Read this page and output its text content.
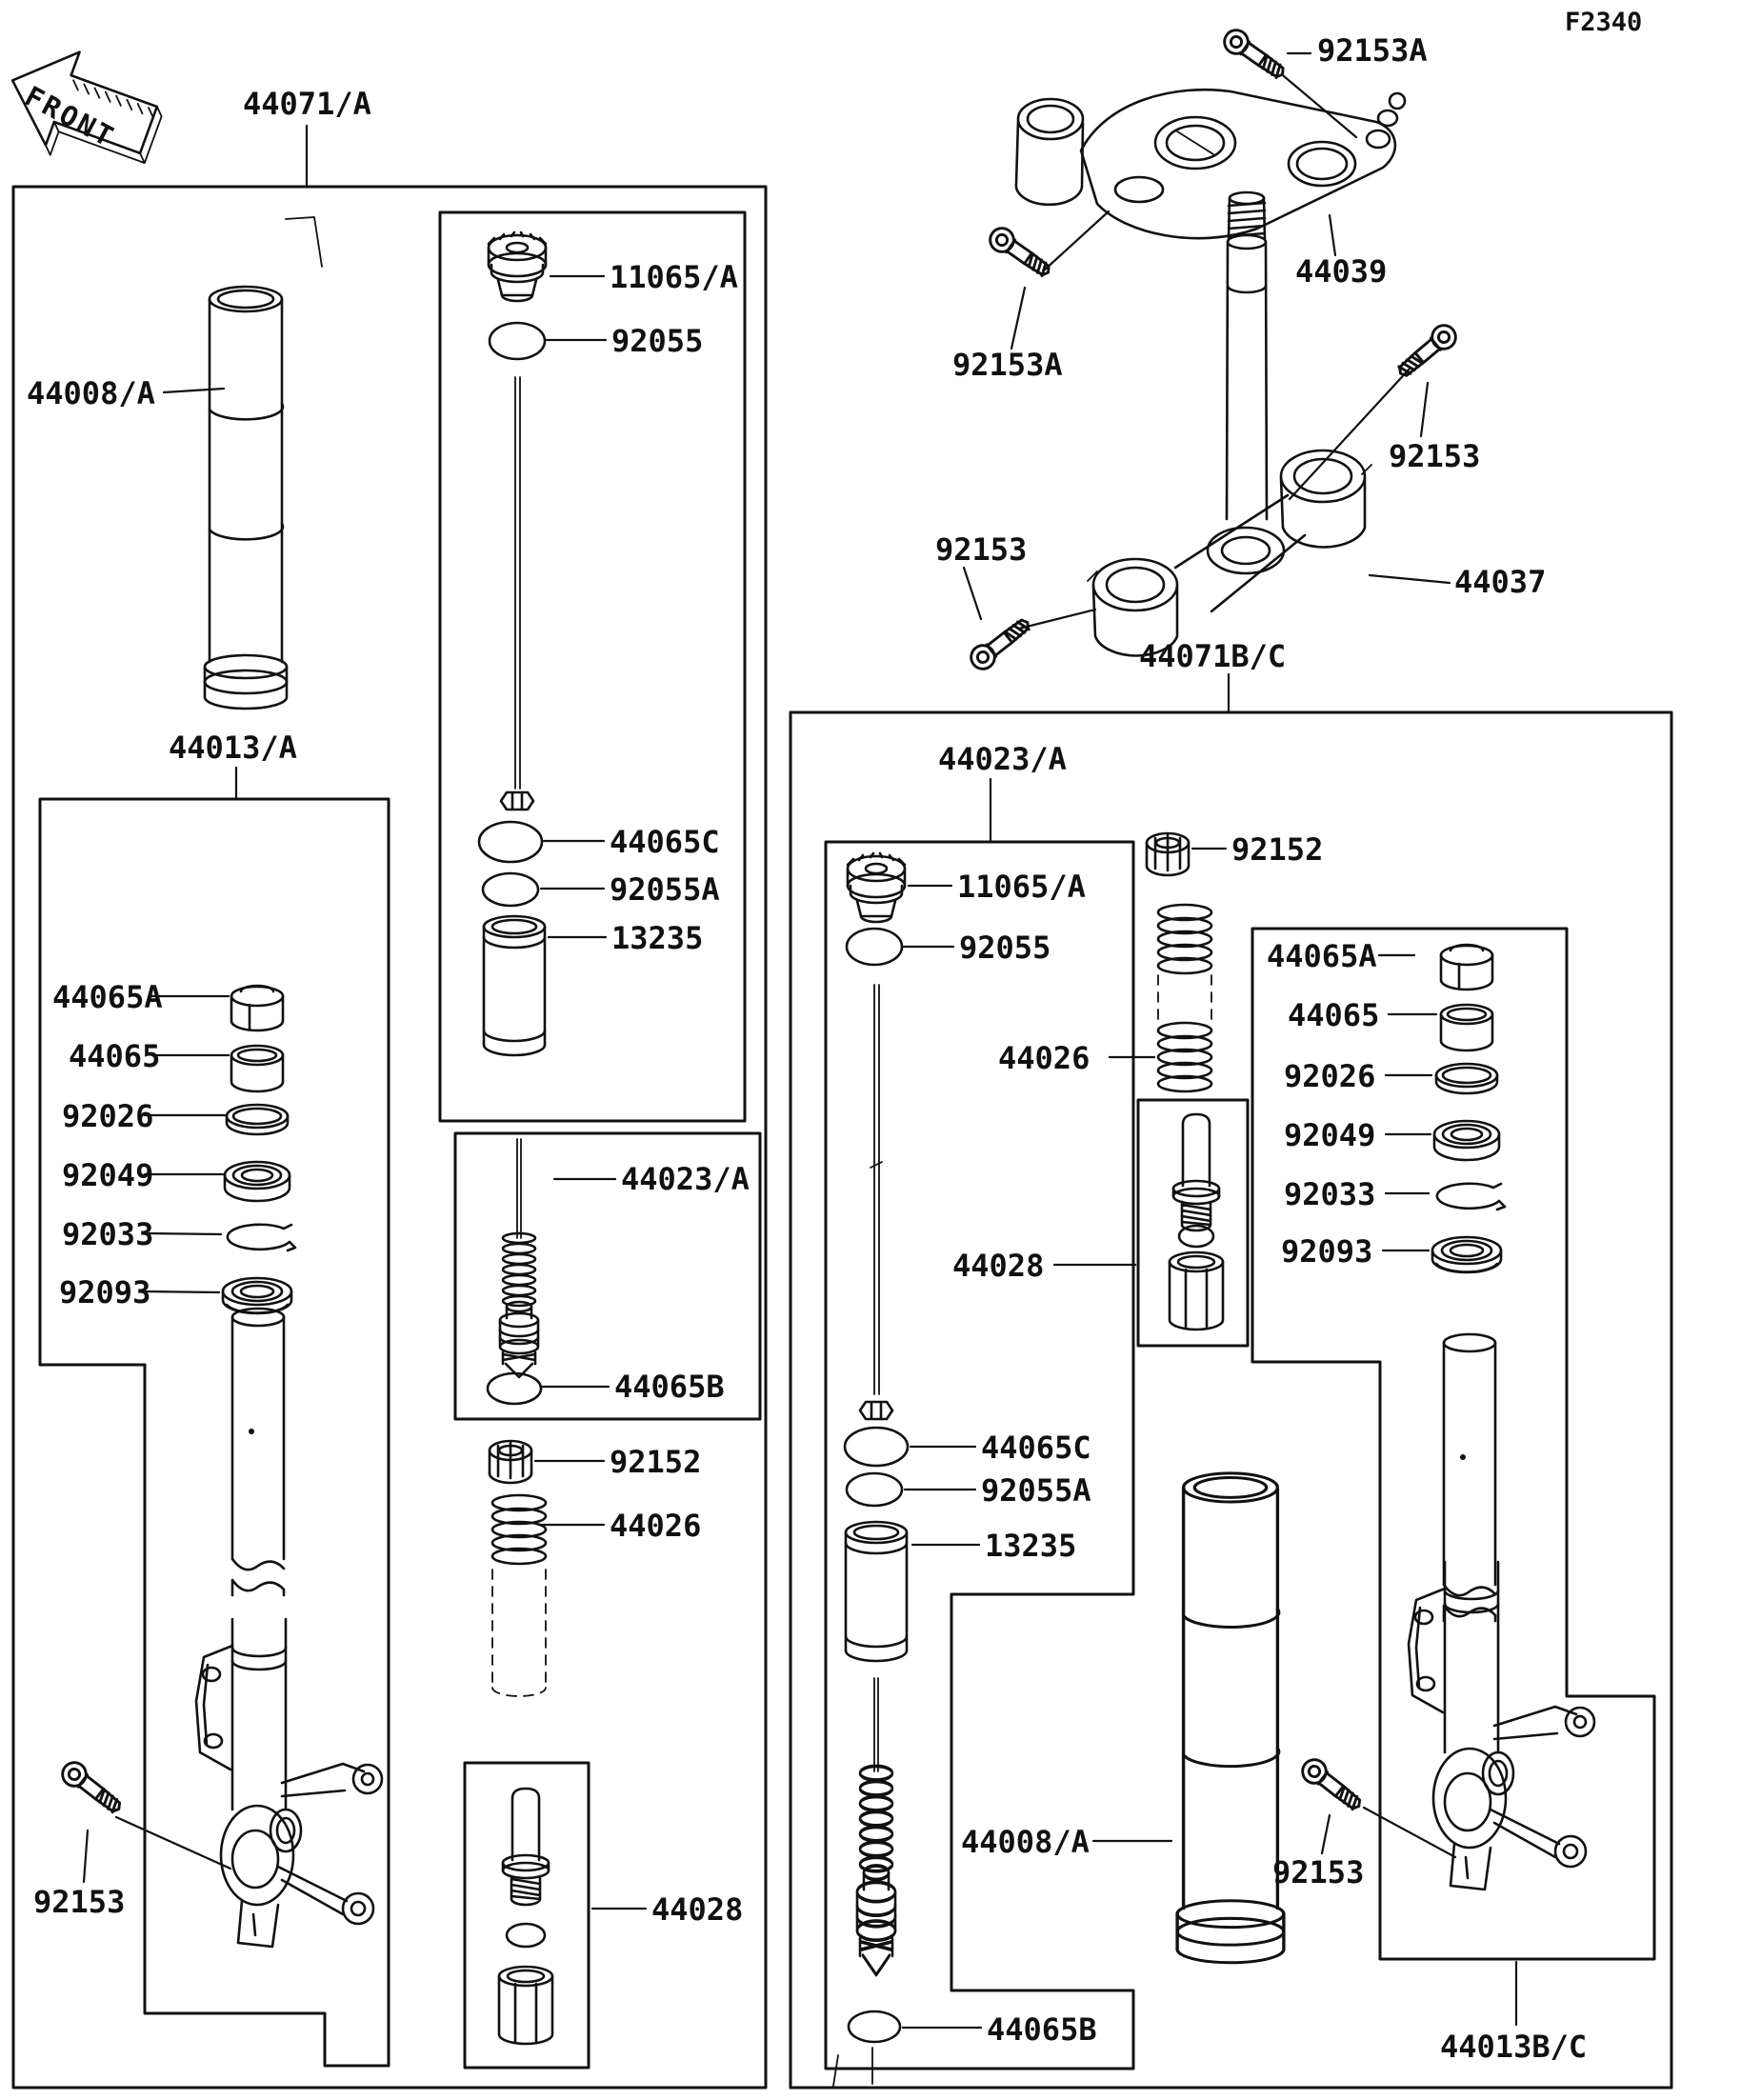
FRONT
F2340
44071/A
92153A
44039
92153A
92153
44037
92153
44071B/C
44008/A
11065/A
92055
44013/A
44065C
92055A
13235
44023/A
44065A
44065
92026
92049
92033
92093
44065B
92152
44026
92153	44028
44023/A
92152
11065/A
92055	44065A
44065
44026	92026
92049
44028
92033
92093
44065C
92055A
13235
44008/A
92153
44065B	44013B/C
